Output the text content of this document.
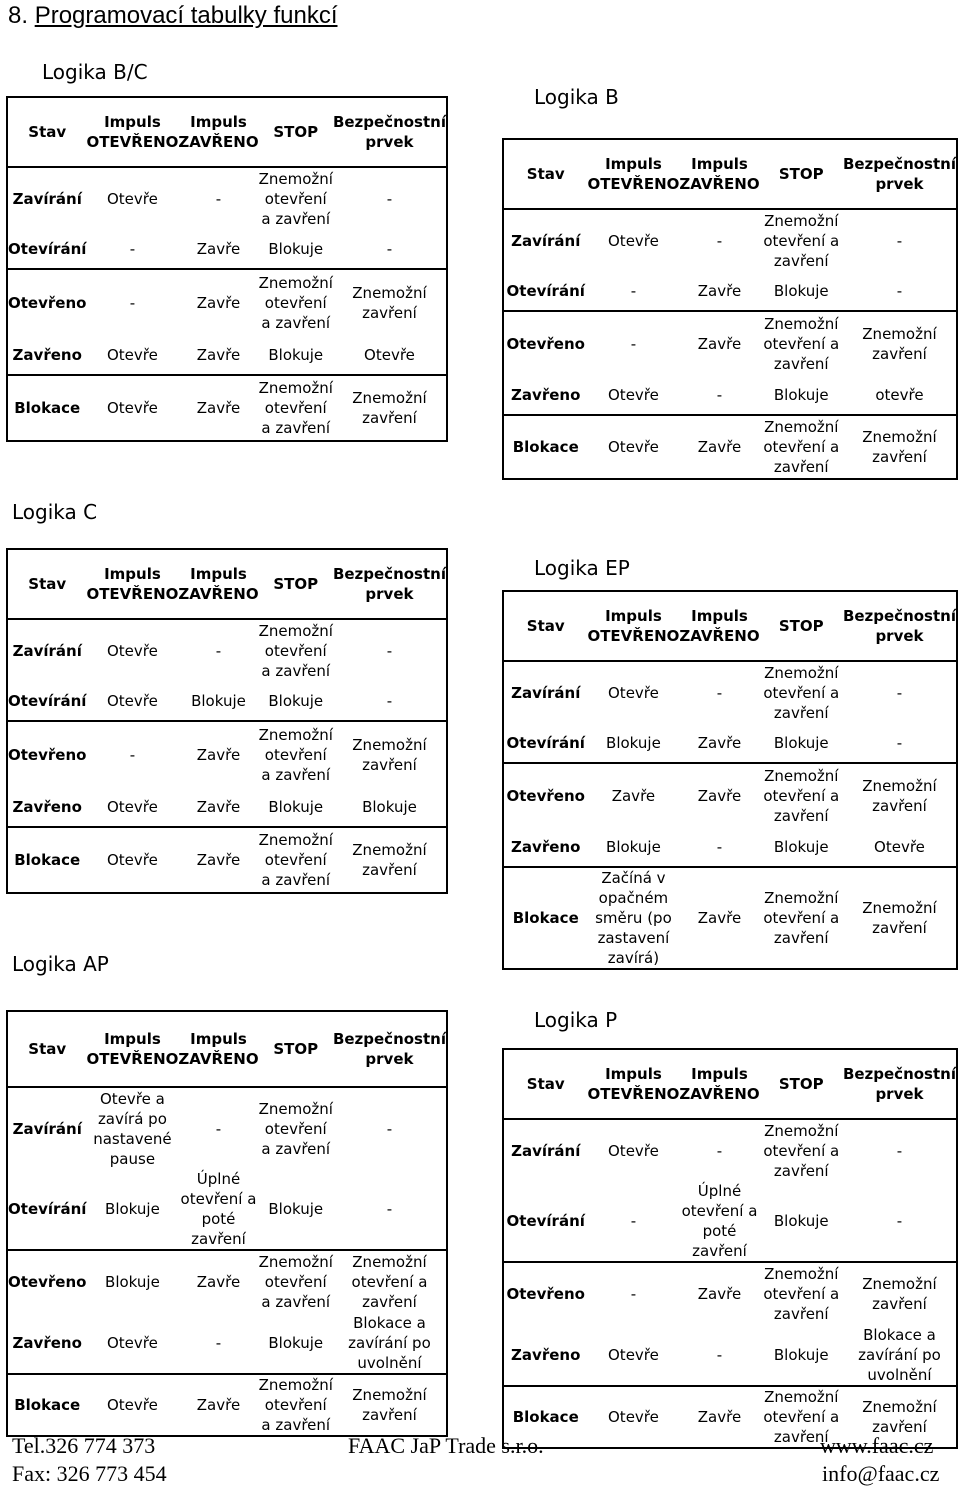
8. Programovací tabulky funkcí
Logika B/C
Logika B
Logika C
Logika EP
Logika AP
Logika P
Stav	Impuls OTEVŘENO	Impuls ZAVŘENO	STOP	Bezpečnostní prvek
Zavírání	Otevře	-	Znemožní otevření a zavření	-
Otevírání	-	Zavře	Blokuje	-
Otevřeno	-	Zavře	Znemožní otevření a zavření	Znemožní zavření
Zavřeno	Otevře	Zavře	Blokuje	Otevře
Blokace	Otevře	Zavře	Znemožní otevření a zavření	Znemožní zavření
Stav	Impuls OTEVŘENO	Impuls ZAVŘENO	STOP	Bezpečnostní prvek
Zavírání	Otevře	-	Znemožní otevření a zavření	-
Otevírání	-	Zavře	Blokuje	-
Otevřeno	-	Zavře	Znemožní otevření a zavření	Znemožní zavření
Zavřeno	Otevře	-	Blokuje	otevře
Blokace	Otevře	Zavře	Znemožní otevření a zavření	Znemožní zavření
Stav	Impuls OTEVŘENO	Impuls ZAVŘENO	STOP	Bezpečnostní prvek
Zavírání	Otevře	-	Znemožní otevření a zavření	-
Otevírání	Otevře	Blokuje	Blokuje	-
Otevřeno	-	Zavře	Znemožní otevření a zavření	Znemožní zavření
Zavřeno	Otevře	Zavře	Blokuje	Blokuje
Blokace	Otevře	Zavře	Znemožní otevření a zavření	Znemožní zavření
Stav	Impuls OTEVŘENO	Impuls ZAVŘENO	STOP	Bezpečnostní prvek
Zavírání	Otevře	-	Znemožní otevření a zavření	-
Otevírání	Blokuje	Zavře	Blokuje	-
Otevřeno	Zavře	Zavře	Znemožní otevření a zavření	Znemožní zavření
Zavřeno	Blokuje	-	Blokuje	Otevře
Blokace	Začíná v opačném směru (po zastavení zavírá)	Zavře	Znemožní otevření a zavření	Znemožní zavření
Stav	Impuls OTEVŘENO	Impuls ZAVŘENO	STOP	Bezpečnostní prvek
Zavírání	Otevře a zavírá po nastavené pause	-	Znemožní otevření a zavření	-
Otevírání	Blokuje	Úplné otevření a poté zavření	Blokuje	-
Otevřeno	Blokuje	Zavře	Znemožní otevření a zavření	Znemožní otevření a zavření
Zavřeno	Otevře	-	Blokuje	Blokace a zavírání po uvolnění
Blokace	Otevře	Zavře	Znemožní otevření a zavření	Znemožní zavření
Stav	Impuls OTEVŘENO	Impuls ZAVŘENO	STOP	Bezpečnostní prvek
Zavírání	Otevře	-	Znemožní otevření a zavření	-
Otevírání	-	Úplné otevření a poté zavření	Blokuje	-
Otevřeno	-	Zavře	Znemožní otevření a zavření	Znemožní zavření
Zavřeno	Otevře	-	Blokuje	Blokace a zavírání po uvolnění
Blokace	Otevře	Zavře	Znemožní otevření a zavření	Znemožní zavření
Tel.326 774 373
Fax: 326 773 454
FAAC JaP Trade s.r.o.	www.faac.cz
info@faac.cz
